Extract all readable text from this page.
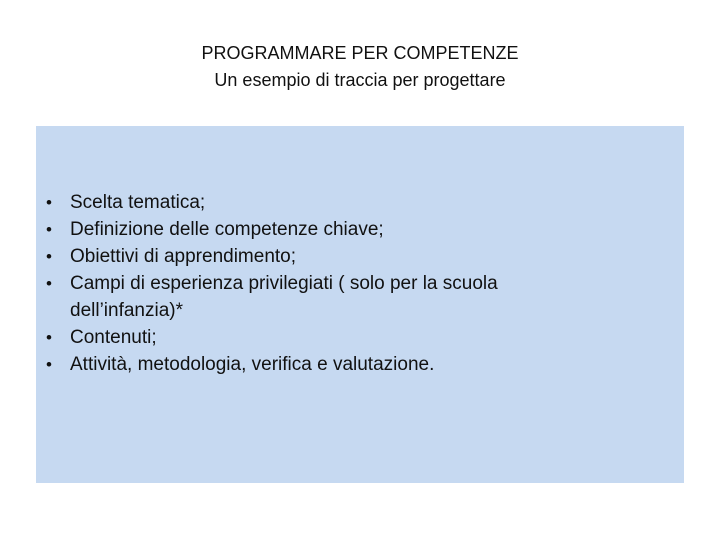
PROGRAMMARE PER COMPETENZE
Un esempio di traccia per progettare
• Scelta tematica;
• Definizione delle competenze chiave;
• Obiettivi di apprendimento;
• Campi di esperienza privilegiati ( solo per la scuola
dell’infanzia)*
• Contenuti;
• Attività, metodologia, verifica e valutazione.
